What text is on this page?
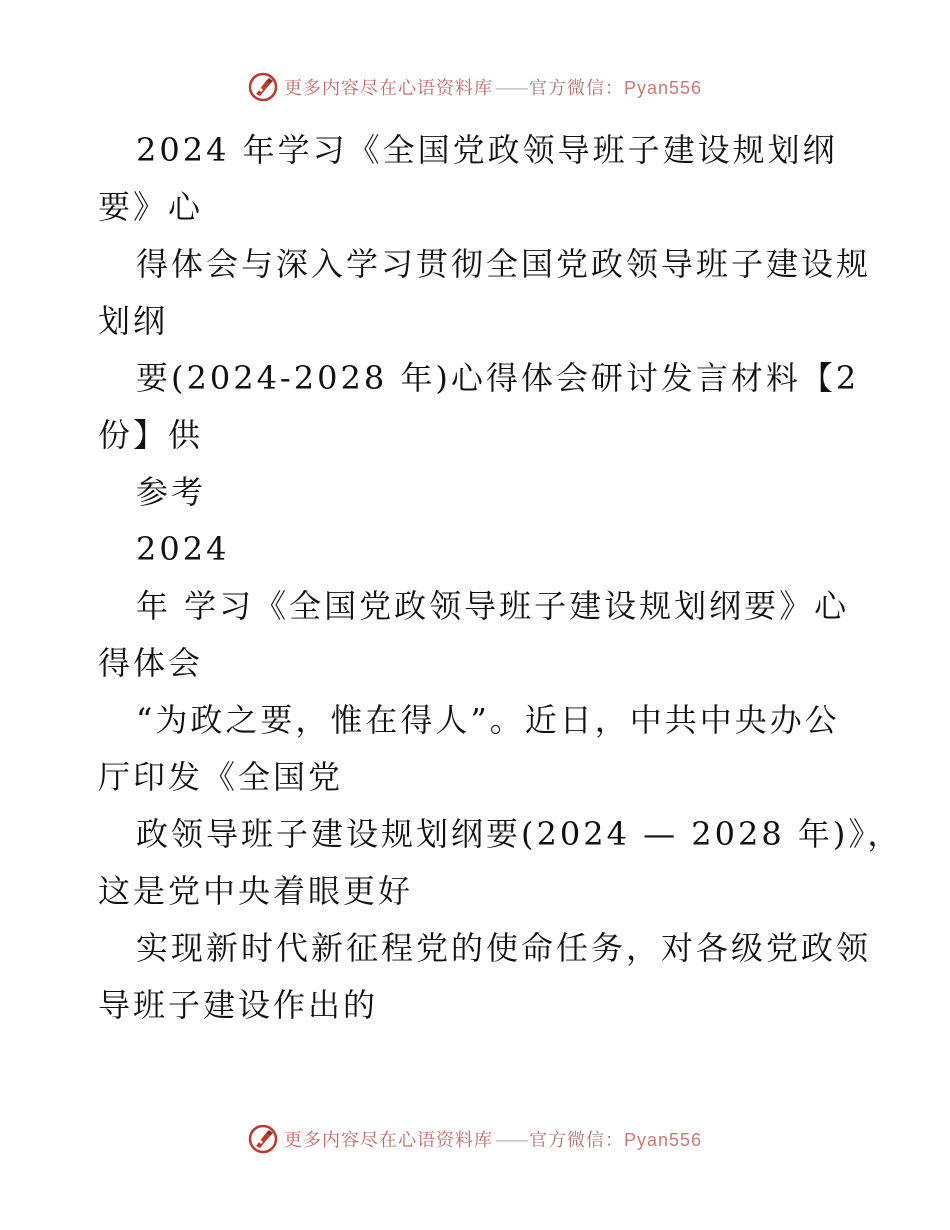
更多内容尽在心语资料库 —— 官方微信：Pyan556
2024 年学习《全国党政领导班子建设规划纲
要》心
得体会与深入学习贯彻全国党政领导班子建设规
划纲
要(2024-2028 年)心得体会研讨发言材料【2
份】供
参考
2024
年 学习《全国党政领导班子建设规划纲要》心
得体会
“为政之要，惟在得人”。近日，中共中央办公
厅印发《全国党
政领导班子建设规划纲要(2024 — 2028 年)》，
这是党中央着眼更好
实现新时代新征程党的使命任务，对各级党政领
导班子建设作出的
更多内容尽在心语资料库 —— 官方微信：Pyan556
